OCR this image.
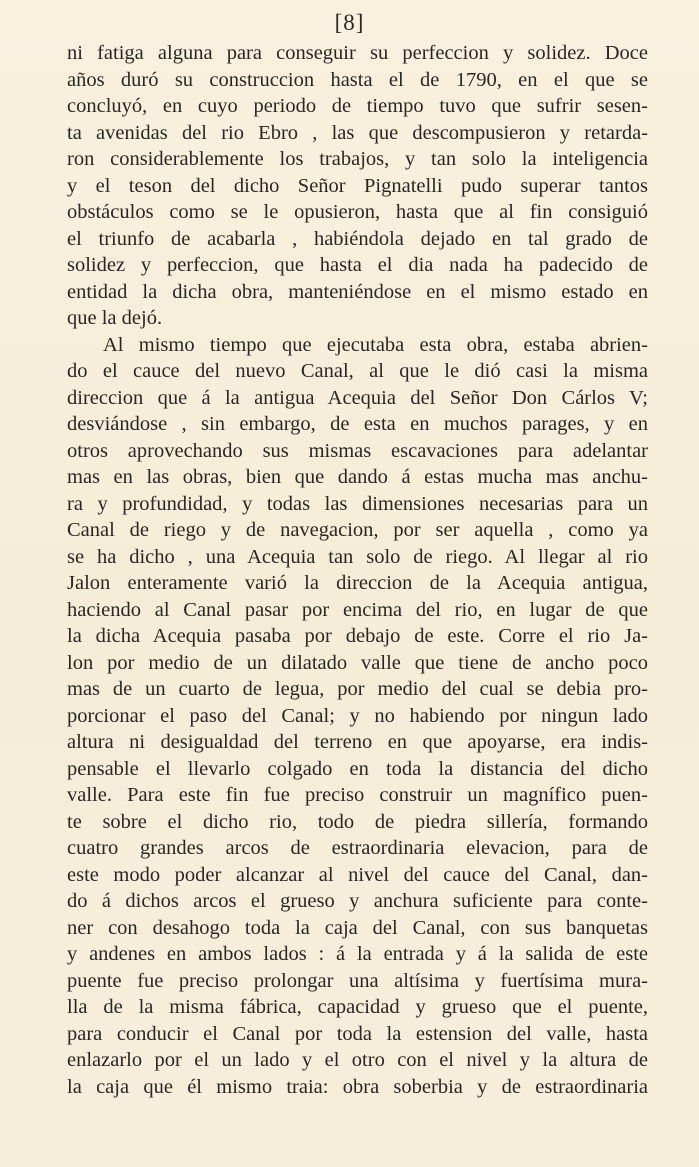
[8]
ni fatiga alguna para conseguir su perfeccion y solidez. Doce
años duró su construccion hasta el de 1790, en el que se
concluyó, en cuyo periodo de tiempo tuvo que sufrir sesen-
ta avenidas del rio Ebro , las que descompusieron y retarda-
ron considerablemente los trabajos, y tan solo la inteligencia
y el teson del dicho Señor Pignatelli pudo superar tantos
obstáculos como se le opusieron, hasta que al fin consiguió
el triunfo de acabarla , habiéndola dejado en tal grado de
solidez y perfeccion, que hasta el dia nada ha padecido de
entidad la dicha obra, manteniéndose en el mismo estado en
que la dejó.
Al mismo tiempo que ejecutaba esta obra, estaba abrien-
do el cauce del nuevo Canal, al que le dió casi la misma
direccion que á la antigua Acequia del Señor Don Cárlos V;
desviándose , sin embargo, de esta en muchos parages, y en
otros aprovechando sus mismas escavaciones para adelantar
mas en las obras, bien que dando á estas mucha mas anchu-
ra y profundidad, y todas las dimensiones necesarias para un
Canal de riego y de navegacion, por ser aquella , como ya
se ha dicho , una Acequia tan solo de riego. Al llegar al rio
Jalon enteramente varió la direccion de la Acequia antigua,
haciendo al Canal pasar por encima del rio, en lugar de que
la dicha Acequia pasaba por debajo de este. Corre el rio Ja-
lon por medio de un dilatado valle que tiene de ancho poco
mas de un cuarto de legua, por medio del cual se debia pro-
porcionar el paso del Canal; y no habiendo por ningun lado
altura ni desigualdad del terreno en que apoyarse, era indis-
pensable el llevarlo colgado en toda la distancia del dicho
valle. Para este fin fue preciso construir un magnífico puen-
te sobre el dicho rio, todo de piedra sillería, formando
cuatro grandes arcos de estraordinaria elevacion, para de
este modo poder alcanzar al nivel del cauce del Canal, dan-
do á dichos arcos el grueso y anchura suficiente para conte-
ner con desahogo toda la caja del Canal, con sus banquetas
y andenes en ambos lados : á la entrada y á la salida de este
puente fue preciso prolongar una altísima y fuertísima mura-
lla de la misma fábrica, capacidad y grueso que el puente,
para conducir el Canal por toda la estension del valle, hasta
enlazarlo por el un lado y el otro con el nivel y la altura de
la caja que él mismo traia: obra soberbia y de estraordinaria
